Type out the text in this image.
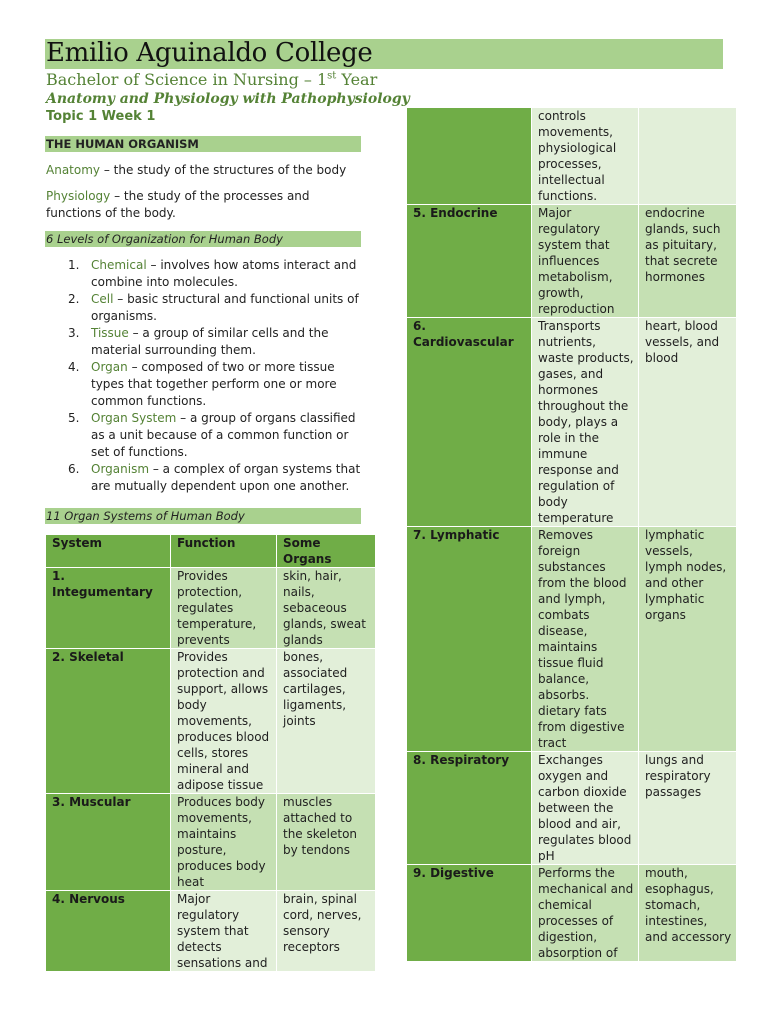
Emilio Aguinaldo College
Bachelor of Science in Nursing – 1st Year
Anatomy and Physiology with Pathophysiology
Topic 1 Week 1
THE HUMAN ORGANISM
Anatomy – the study of the structures of the body
Physiology – the study of the processes and functions of the body.
6 Levels of Organization for Human Body
1. Chemical – involves how atoms interact and combine into molecules.
2. Cell – basic structural and functional units of organisms.
3. Tissue – a group of similar cells and the material surrounding them.
4. Organ – composed of two or more tissue types that together perform one or more common functions.
5. Organ System – a group of organs classified as a unit because of a common function or set of functions.
6. Organism – a complex of organ systems that are mutually dependent upon one another.
11 Organ Systems of Human Body
System	Function	Some Organs
1. Integumentary	Provides protection, regulates temperature, prevents	skin, hair, nails, sebaceous glands, sweat glands
2. Skeletal	Provides protection and support, allows body movements, produces blood cells, stores mineral and adipose tissue	bones, associated cartilages, ligaments, joints
3. Muscular	Produces body movements, maintains posture, produces body heat	muscles attached to the skeleton by tendons
4. Nervous	Major regulatory system that detects sensations and	brain, spinal cord, nerves, sensory receptors
	controls movements, physiological processes, intellectual functions.	
5. Endocrine	Major regulatory system that influences metabolism, growth, reproduction	endocrine glands, such as pituitary, that secrete hormones
6. Cardiovascular	Transports nutrients, waste products, gases, and hormones throughout the body, plays a role in the immune response and regulation of body temperature	heart, blood vessels, and blood
7. Lymphatic	Removes foreign substances from the blood and lymph, combats disease, maintains tissue fluid balance, absorbs. dietary fats from digestive tract	lymphatic vessels, lymph nodes, and other lymphatic organs
8. Respiratory	Exchanges oxygen and carbon dioxide between the blood and air, regulates blood pH	lungs and respiratory passages
9. Digestive	Performs the mechanical and chemical processes of digestion, absorption of	mouth, esophagus, stomach, intestines, and accessory
